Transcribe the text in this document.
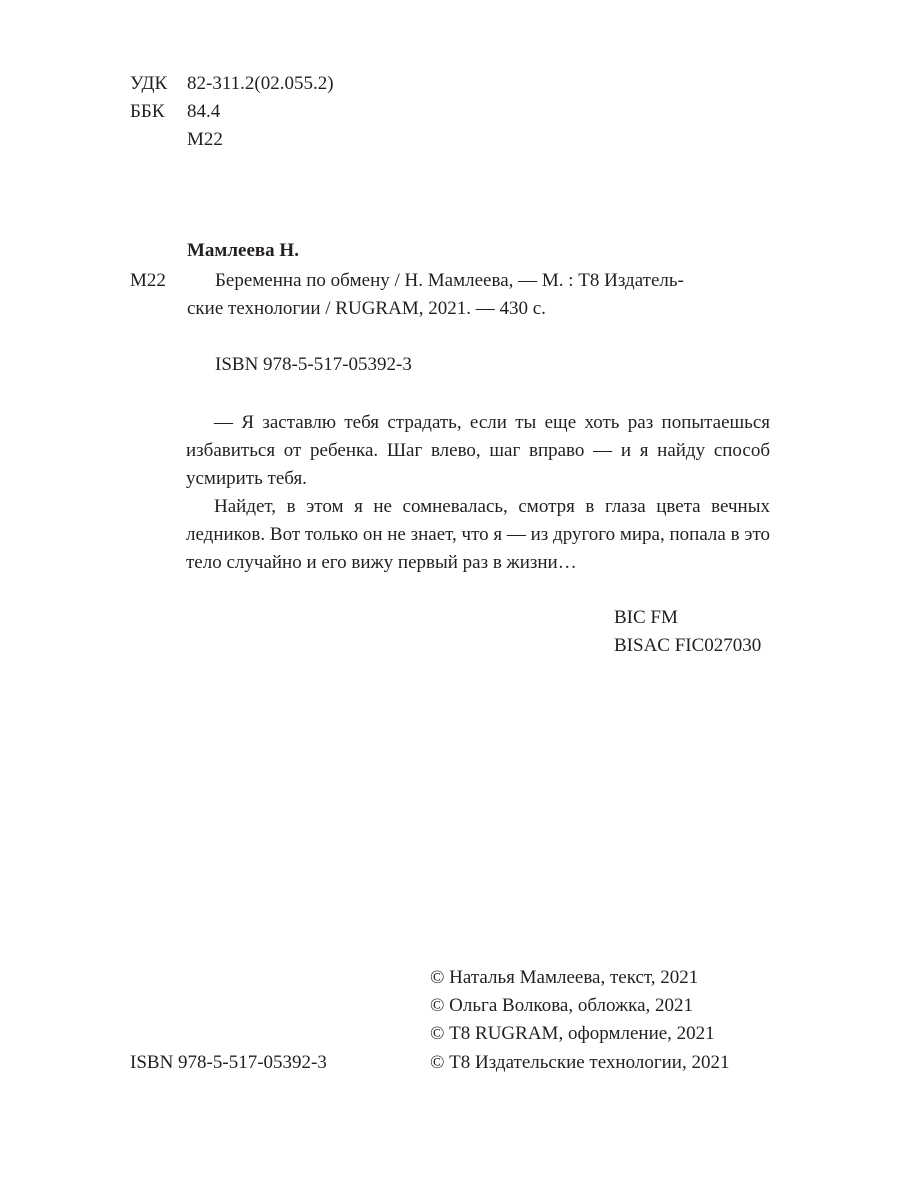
УДК 82-311.2(02.055.2)
ББК 84.4
М22
Мамлеева Н.
М22	Беременна по обмену / Н. Мамлеева, — М. : Т8 Издатель-
ские технологии / RUGRAM, 2021. — 430 с.
ISBN 978-5-517-05392-3
— Я заставлю тебя страдать, если ты еще хоть раз попытаешься избавиться от ребенка. Шаг влево, шаг вправо — и я найду способ усмирить тебя.
Найдет, в этом я не сомневалась, смотря в глаза цвета вечных ледников. Вот только он не знает, что я — из другого мира, попала в это тело случайно и его вижу первый раз в жизни…
BIC FM
BISAC FIC027030
© Наталья Мамлеева, текст, 2021
© Ольга Волкова, обложка, 2021
© Т8 RUGRAM, оформление, 2021
ISBN 978-5-517-05392-3	© Т8 Издательские технологии, 2021
